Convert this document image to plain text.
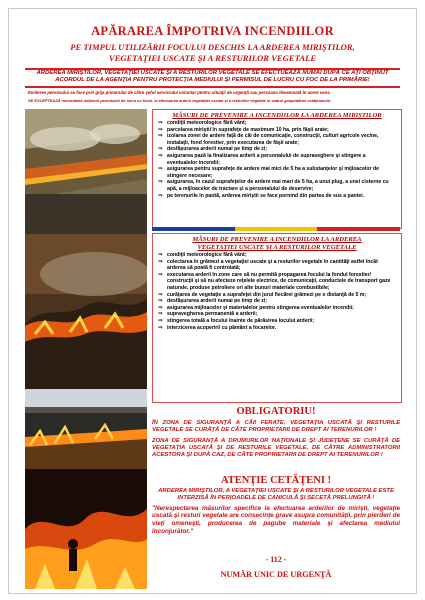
APĂRAREA ÎMPOTRIVA INCENDIILOR
PE TIMPUL UTILIZĂRII FOCULUI DESCHIS LA ARDEREA MIRIŞTILOR,
VEGETAŢIEI USCATE ŞI A RESTURILOR VEGETALE
ARDEREA MIRIŞTILOR, VEGETAŢIEI USCATE ŞI A RESTURILOR VEGETALE SE EFECTUEAZĂ NUMAI DUPĂ CE AŢI OBŢINUT ACORDUL DE LA AGENŢIA PENTRU PROTECŢIA MEDIULUI ŞI PERMISUL DE LUCRU CU FOC DE LA PRIMĂRIE!
Emiterea permisului se face prin grija primarului de către şeful serviciului voluntar pentru situaţii de urgenţă sau persoana desemnată în acest sens.
SE EXCEPTEAZĂ necesitatea obţinerii permisului de lucru cu focul, la efectuarea arderii vegetaţiei uscate şi a resturilor vegetale în cadrul gospodăriei cetăţeanului.
MĂSURI DE PREVENIRE A INCENDIILOR LA ARDEREA MIRIŞTILOR
⇒ condiţii meteorologice fără vânt;
⇒ parcelarea miriştii în suprafeţe de maximum 10 ha, prin fâşii arate;
⇒ izolarea zonei de ardere faţă de căi de comunicaţie, construcţii, culturi agricole vecine, instalaţii, fond forestier, prin executarea de fâşii arate;
⇒ desfăşurarea arderii numai pe timp de zi;
⇒ asigurarea pază la finalizarea arderii a personalului de supraveghere şi stingere a eventualelor incendii;
⇒ asigurarea pentru suprafeţe de ardere mai mici de 5 ha a substanţelor şi mijloacelor de stingere necesare;
⇒ asigurarea, în cazul suprafeţelor de ardere mai mari de 5 ha, a unui plug, a unei cisterne cu apă, a mijloacelor de tractare şi a personalului de deservire;
⇒ pe terenurile în pantă, arderea miriştii se face pornind din partea de sus a pantei.
MĂSURI DE PREVENIRE A INCENDIILOR LA ARDEREA
VEGETAŢIEI USCATE ŞI A RESTURILOR VEGETALE
⇒ condiţii meteorologice fără vânt;
⇒ colectarea în grămezi a vegetaţiei uscate şi a resturilor vegetale în cantităţi astfel încât arderea să poată fi controlată;
⇒ executarea arderii în zone care să nu permită propagarea focului la fondul forestier/ construcţii şi să nu afecteze reţelele electrice, de comunicaţii, conductele de transport gaze naturale, produse petroliere ori alte bunuri materiale combustibile;
⇒ curăţarea de vegetaţie a suprafeţei din jurul fiecărei grămezi pe o distanţă de 5 m;
⇒ desfăşurarea arderii numai pe timp de zi;
⇒ asigurarea mijloacelor şi materialelor pentru stingerea eventualelor incendii;
⇒ supravegherea permanentă a arderii;
⇒ stingerea totală a focului înainte de părăsirea locului arderii;
⇒ interzicerea acoperirii cu pământ a focarelor.
OBLIGATORIU!

ÎN ZONA DE SIGURANŢĂ A CĂII FERATE, VEGETAŢIA USCATĂ ŞI RESTURILE VEGETALE SE CURĂŢĂ DE CĂTE PROPRIETARII DE DREPT AI TERENURILOR !

ZONA DE SIGURANŢĂ A DRUMURILOR NAŢIONALE ŞI JUDEŢENE SE CURĂŢĂ DE VEGETAŢIA USCATĂ ŞI DE RESTURILE VEGETALE, DE CĂTRE ADMINISTRATORII ACESTORA ŞI DUPĂ CAZ, DE CĂTE PROPRIETARII DE DREPT AI TERENURILOR !

ATENŢIE CETĂŢENI !

ARDEREA MIRIŞTILOR, A VEGETAŢIEI USCATE ŞI A RESTURILOR VEGETALE ESTE INTERZISĂ ÎN PERIOADELE DE CANICULĂ ŞI SECETĂ PRELUNGITĂ !

"Nerespectarea măsurilor specifice la efectuarea arderilor de mirişti, vegetaţie uscată şi resturi vegetale are consecinţe grave asupra comunităţii, prin pierderi de vieţi omeneşti, producerea de pagube materiale şi afectarea mediului înconjurător."

- 112 -
NUMĂR UNIC DE URGENŢĂ
